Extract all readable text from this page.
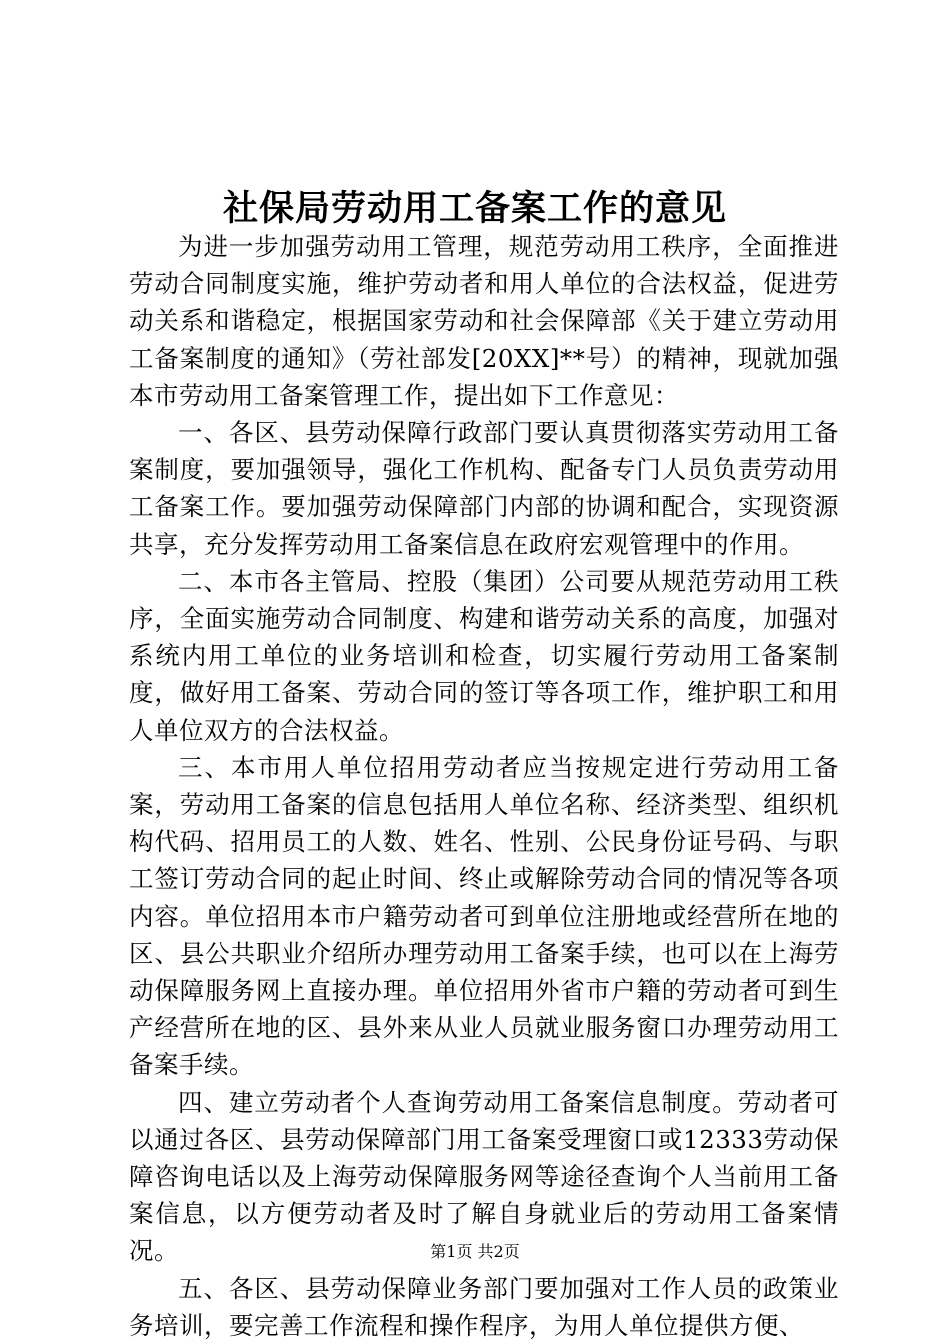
社保局劳动用工备案工作的意见

为进一步加强劳动用工管理，规范劳动用工秩序，全面推进劳动合同制度实施，维护劳动者和用人单位的合法权益，促进劳动关系和谐稳定，根据国家劳动和社会保障部《关于建立劳动用工备案制度的通知》（劳社部发[20XX]**号）的精神，现就加强本市劳动用工备案管理工作，提出如下工作意见：

一、各区、县劳动保障行政部门要认真贯彻落实劳动用工备案制度，要加强领导，强化工作机构、配备专门人员负责劳动用工备案工作。要加强劳动保障部门内部的协调和配合，实现资源共享，充分发挥劳动用工备案信息在政府宏观管理中的作用。

二、本市各主管局、控股（集团）公司要从规范劳动用工秩序，全面实施劳动合同制度、构建和谐劳动关系的高度，加强对系统内用工单位的业务培训和检查，切实履行劳动用工备案制度，做好用工备案、劳动合同的签订等各项工作，维护职工和用人单位双方的合法权益。

三、本市用人单位招用劳动者应当按规定进行劳动用工备案，劳动用工备案的信息包括用人单位名称、经济类型、组织机构代码、招用员工的人数、姓名、性别、公民身份证号码、与职工签订劳动合同的起止时间、终止或解除劳动合同的情况等各项内容。单位招用本市户籍劳动者可到单位注册地或经营所在地的区、县公共职业介绍所办理劳动用工备案手续，也可以在上海劳动保障服务网上直接办理。单位招用外省市户籍的劳动者可到生产经营所在地的区、县外来从业人员就业服务窗口办理劳动用工备案手续。

四、建立劳动者个人查询劳动用工备案信息制度。劳动者可以通过各区、县劳动保障部门用工备案受理窗口或12333劳动保障咨询电话以及上海劳动保障服务网等途径查询个人当前用工备案信息，以方便劳动者及时了解自身就业后的劳动用工备案情况。

五、各区、县劳动保障业务部门要加强对工作人员的政策业务培训，要完善工作流程和操作程序，为用人单位提供方便、

第1页 共2页
